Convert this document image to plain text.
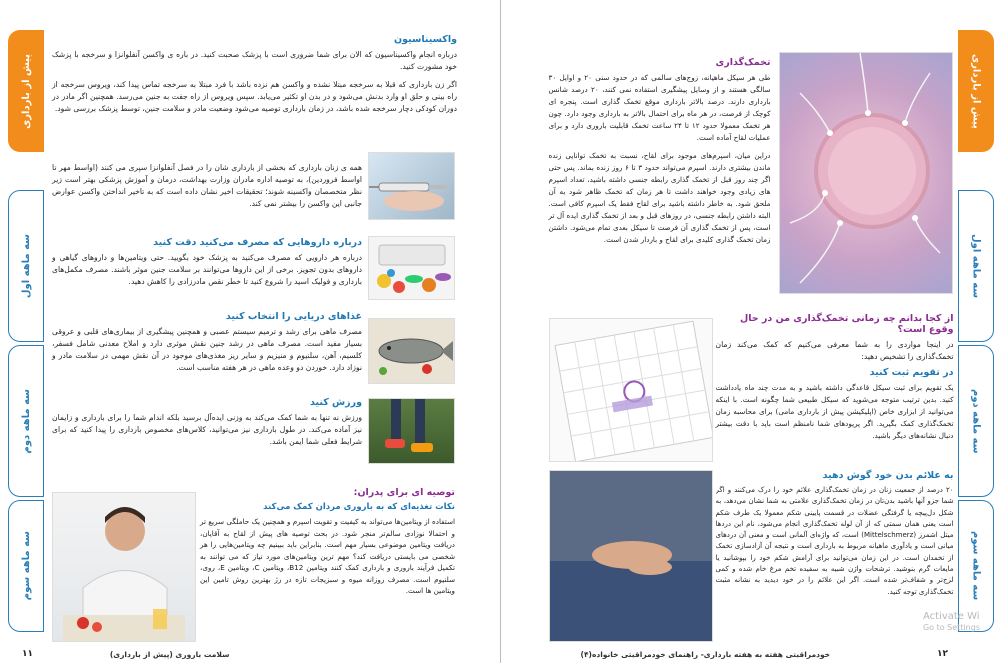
پیش از بارداری
سه ماهه اول
سه ماهه دوم
سه ماهه سوم
واکسیناسیون

درباره انجام واکسیناسیون که الان برای شما ضروری است با پزشک صحبت کنید. در باره ی واکسن آنفلوانزا و سرخجه با پزشک خود مشورت کنید.

اگر زن بارداری که قبلا به سرخجه مبتلا نشده و واکسن هم نزده باشد با فرد مبتلا به سرخجه تماس پیدا کند، ویروس سرخجه از راه بینی و حلق او وارد بدنش می‌شود و در بدن او تکثیر می‌یابد. سپس ویروس از راه جفت به جنین می‌رسد. همچنین اگر مادر در دوران کودکی دچار سرخجه شده باشد، در زمان بارداری توصیه می‌شود وضعیت مادر و سلامت جنین، توسط پزشک بررسی شود.

همه ی زنان بارداری که بخشی از بارداری شان را در فصل آنفلوانزا سپری می کنند (اواسط مهر تا اواسط فروردین)، به توصیه اداره مادران وزارت بهداشت، درمان و آموزش پزشکی بهتر است زیر نظر متخصصان واکسینه شوند؛ تحقیقات اخیر نشان داده است که به تاخیر انداختن واکسن عوارض جانبی این واکسن را بیشتر نمی کند.

درباره داروهایی که مصرف می‌کنید دقت کنید

درباره هر دارویی که مصرف می‌کنید به پزشک خود بگویید. حتی ویتامین‌ها و داروهای گیاهی و داروهای بدون تجویز. برخی از این داروها می‌توانند بر سلامت جنین موثر باشند. مصرف مکمل‌های بارداری و فولیک اسید را شروع کنید تا خطر نقص مادرزادی را کاهش دهید.

غذاهای دریایی را انتخاب کنید

مصرف ماهی برای رشد و ترمیم سیستم عصبی و همچنین پیشگیری از بیماری‌های قلبی و عروقی بسیار مفید است. مصرف ماهی در رشد جنین نقش موثری دارد و املاح معدنی شامل فسفر، کلسیم، آهن، سلنیوم و منیزیم و سایر ریز مغذی‌های موجود در آن نقش مهمی در سلامت مادر و نوزاد دارد. خوردن دو وعده ماهی در هر هفته مناسب است.

ورزش کنید

ورزش نه تنها به شما کمک می‌کند به وزنی ایده‌آل برسید بلکه اندام شما را برای بارداری و زایمان نیز آماده می‌کند. در طول بارداری نیز می‌توانید، کلاس‌های مخصوص بارداری را پیدا کنید که برای شرایط فعلی شما ایمن باشد.

توصیه ای برای پدران:
نکات تغذیه‌ای که به باروری مردان کمک می‌کند

استفاده از ویتامین‌ها می‌تواند به کیفیت و تقویت اسپرم و همچنین یک حاملگی سریع تر و احتمالا نوزادی سالم‌تر منجر شود. در بحث توصیه های پیش از لقاح به آقایان، دریافت ویتامین موضوعی بسیار مهم است. بنابراین باید ببینیم چه ویتامین‌هایی را هر شخصی می بایستی دریافت کند؟ مهم ترین ویتامین‌های مورد نیاز که می توانند به تکمیل فرآیند باروری و بارداری کمک کنند ویتامین B12، ویتامین C، ویتامین E، روی، سلنیوم است. مصرف روزانه میوه و سبزیجات تازه در رژ بهترین روش تامین این ویتامین ها است.

۱۱	سلامت باروری (پیش از بارداری)
پیش از بارداری
سه ماهه اول
سه ماهه دوم
سه ماهه سوم
تخمک‌گذاری

طی هر سیکل ماهیانه، زوج‌های سالمی که در حدود سنی ۲۰ و اوایل ۳۰ سالگی هستند و از وسایل پیشگیری استفاده نمی کنند، ۲۰ درصد شانس بارداری دارند. درصد بالاتر بارداری موقع تخمک گذاری است. پنجره ای کوچک از فرصت، در هر ماه برای احتمال بالاتر به بارداری وجود دارد. چون هر تخمک معمولا حدود ۱۲ تا ۲۴ ساعت تخمک قابلیت باروری دارد و برای عملیات لقاح آماده است.

دراین میان، اسپرم‌های موجود برای لقاح، نسبت به تخمک توانایی زنده ماندن بیشتری دارند. اسپرم می‌تواند حدود ۳ تا ۶ روز زنده بماند. پس حتی اگر چند روز قبل از تخمک گذاری رابطه جنسی داشته باشید، تعداد اسپرم های زیادی وجود خواهند داشت تا هر زمان که تخمک ظاهر شود به آن ملحق شود. به خاطر داشته باشید برای لقاح فقط یک اسپرم کافی است. البته داشتن رابطه جنسی، در روزهای قبل و بعد از تخمک گذاری ایده آل تر است، پس از تخمک گذاری آن فرصت تا سیکل بعدی تمام می‌شود. داشتن زمان تخمک گذاری کلیدی برای لقاح و باردار شدن است.

از کجا بدانم چه زمانی تخمک‌گذاری من در حال وقوع است؟

در اینجا مواردی را به شما معرفی می‌کنیم که کمک می‌کند زمان تخمک‌گذاری را تشخیص دهید:

در تقویم ثبت کنید

یک تقویم برای ثبت سیکل قاعدگی داشته باشید و به مدت چند ماه یادداشت کنید. بدین ترتیب متوجه می‌شوید که سیکل طبیعی شما چگونه است. با اینکه می‌توانید از ابزاری خاص (اپلیکیشن پیش از بارداری مامی) برای محاسبه زمان تخمک‌گذاری کمک بگیرید. اگر پریودهای شما نامنظم است باید با دقت بیشتر دنبال نشانه‌های دیگر باشید.

به علائم بدن خود گوش دهید

۲۰ درصد از جمعیت زنان در زمان تخمک‌گذاری علائم خود را درک می‌کنند و اگر شما جزو آنها باشید بدن‌تان در زمان تخمک‌گذاری علامتی به شما نشان می‌دهد، به شکل دل‌پیچه یا گرفتگی عضلات در قسمت پایینی شکم معمولا یک طرف شکم است یعنی همان سمتی که از آن لوله تخمک‌گذاری انجام می‌شود، نام این دردها میتل اشمرز (Mittelschmerz) است، که واژه‌ای آلمانی است و معنی آن دردهای میانی است و یادآوری ماهیانه مربوط به بارداری است و نتیجه آن آزادسازی تخمک از تخمدان است. در این زمان می‌توانید برای آرامش شکم خود را بپوشانید یا مایعات گرم بنوشید. ترشحات واژن شبیه به سفیده تخم مرغ خام شده و کمی لزج‌تر و شفاف‌تر شده است. اگر این علائم را در خود دیدید به نشانه مثبت تخمک‌گذاری توجه کنید.

۱۲
خودمراقبتی هفته به هفته بارداری- راهنمای خودمراقبتی خانواده(۴)
Activate Wi
Go to Settings
